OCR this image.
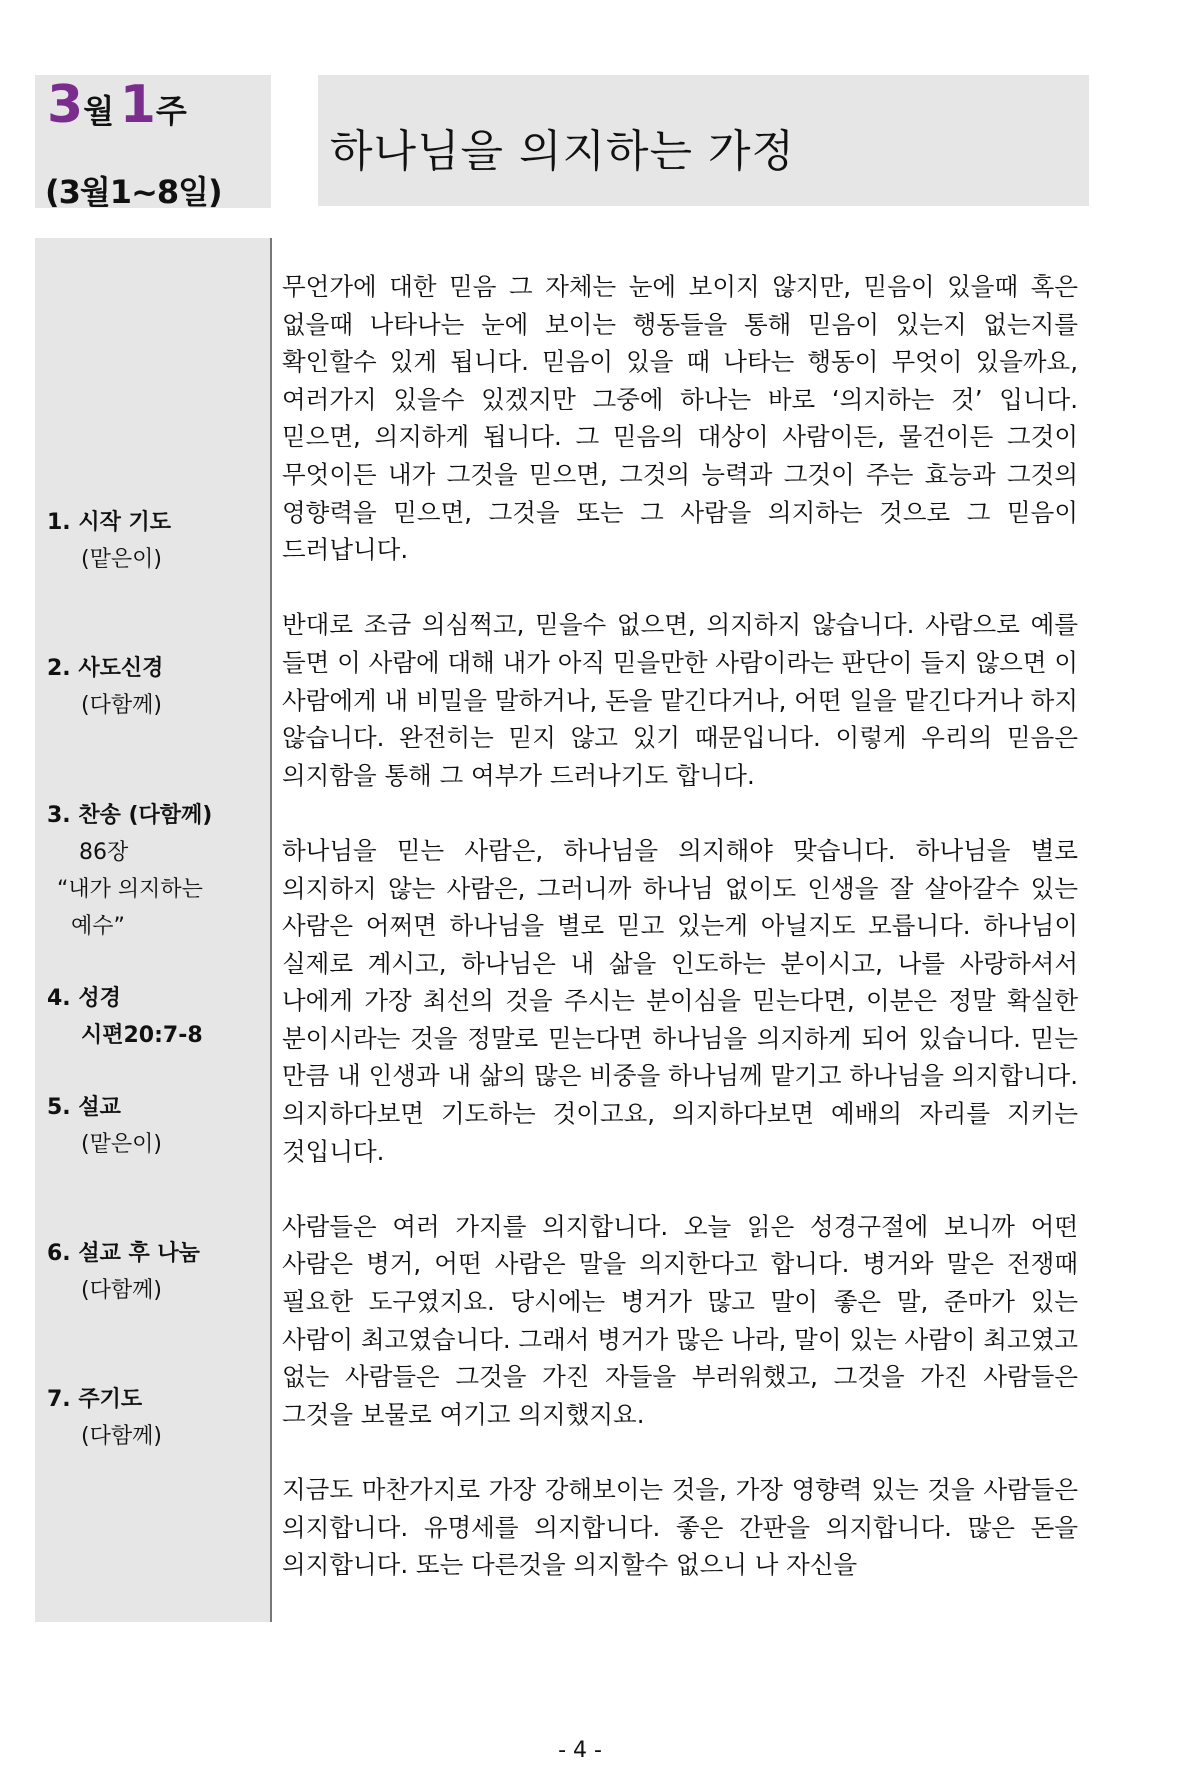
3월 1주
(3월1~8일)
하나님을 의지하는 가정
1. 시작 기도
(맡은이)
2. 사도신경
(다함께)
3. 찬송 (다함께)
86장
“내가 의지하는
예수”
4. 성경
시편20:7-8
5. 설교
(맡은이)
6. 설교 후 나눔
(다함께)
7. 주기도
(다함께)

무언가에 대한 믿음 그 자체는 눈에 보이지 않지만, 믿음이 있을때 혹은 없을때 나타나는 눈에 보이는 행동들을 통해 믿음이 있는지 없는지를 확인할수 있게 됩니다. 믿음이 있을 때 나타는 행동이 무엇이 있을까요, 여러가지 있을수 있겠지만 그중에 하나는 바로 ‘의지하는 것’ 입니다. 믿으면, 의지하게 됩니다. 그 믿음의 대상이 사람이든, 물건이든 그것이 무엇이든 내가 그것을 믿으면, 그것의 능력과 그것이 주는 효능과 그것의 영향력을 믿으면, 그것을 또는 그 사람을 의지하는 것으로 그 믿음이 드러납니다.

반대로 조금 의심쩍고, 믿을수 없으면, 의지하지 않습니다. 사람으로 예를 들면 이 사람에 대해 내가 아직 믿을만한 사람이라는 판단이 들지 않으면 이 사람에게 내 비밀을 말하거나, 돈을 맡긴다거나, 어떤 일을 맡긴다거나 하지 않습니다. 완전히는 믿지 않고 있기 때문입니다. 이렇게 우리의 믿음은 의지함을 통해 그 여부가 드러나기도 합니다.

하나님을 믿는 사람은, 하나님을 의지해야 맞습니다. 하나님을 별로 의지하지 않는 사람은, 그러니까 하나님 없이도 인생을 잘 살아갈수 있는 사람은 어쩌면 하나님을 별로 믿고 있는게 아닐지도 모릅니다. 하나님이 실제로 계시고, 하나님은 내 삶을 인도하는 분이시고, 나를 사랑하셔서 나에게 가장 최선의 것을 주시는 분이심을 믿는다면, 이분은 정말 확실한 분이시라는 것을 정말로 믿는다면 하나님을 의지하게 되어 있습니다. 믿는 만큼 내 인생과 내 삶의 많은 비중을 하나님께 맡기고 하나님을 의지합니다. 의지하다보면 기도하는 것이고요, 의지하다보면 예배의 자리를 지키는 것입니다.

사람들은 여러 가지를 의지합니다. 오늘 읽은 성경구절에 보니까 어떤 사람은 병거, 어떤 사람은 말을 의지한다고 합니다. 병거와 말은 전쟁때 필요한 도구였지요. 당시에는 병거가 많고 말이 좋은 말, 준마가 있는 사람이 최고였습니다. 그래서 병거가 많은 나라, 말이 있는 사람이 최고였고 없는 사람들은 그것을 가진 자들을 부러워했고, 그것을 가진 사람들은 그것을 보물로 여기고 의지했지요.

지금도 마찬가지로 가장 강해보이는 것을, 가장 영향력 있는 것을 사람들은 의지합니다. 유명세를 의지합니다. 좋은 간판을 의지합니다. 많은 돈을 의지합니다. 또는 다른것을 의지할수 없으니 나 자신을

- 4 -
